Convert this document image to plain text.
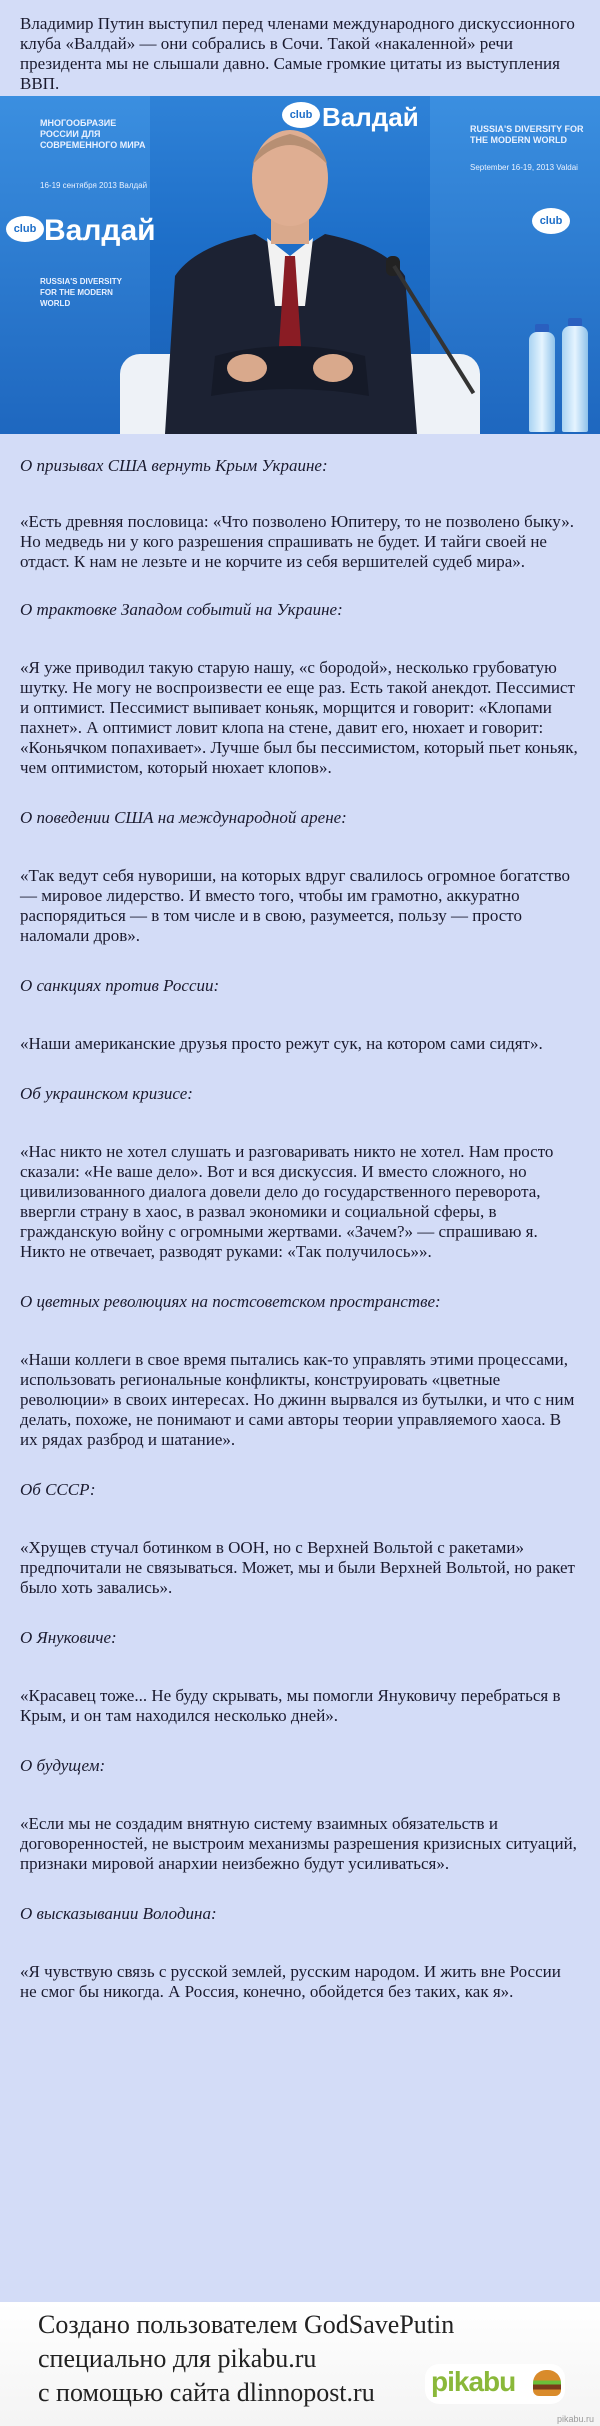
Владимир Путин выступил перед членами международного дискуссионного клуба «Валдай» — они собрались в Сочи. Такой «накаленной» речи президента мы не слышали давно. Самые громкие цитаты из выступления ВВП.
МНОГООБРАЗИЕ РОССИИ ДЛЯ СОВРЕМЕННОГО МИРА
RUSSIA'S DIVERSITY FOR THE MODERN WORLD
club Валдай
club Валдай
club
RUSSIA'S DIVERSITY FOR THE MODERN WORLD
16-19 сентября 2013 Валдай
September 16-19, 2013 Valdai

О призывах США вернуть Крым Украине:

«Есть древняя пословица: «Что позволено Юпитеру, то не позволено быку». Но медведь ни у кого разрешения спрашивать не будет. И тайги своей не отдаст. К нам не лезьте и не корчите из себя вершителей судеб мира».

О трактовке Западом событий на Украине:

«Я уже приводил такую старую нашу, «с бородой», несколько грубоватую шутку. Не могу не воспроизвести ее еще раз. Есть такой анекдот. Пессимист и оптимист. Пессимист выпивает коньяк, морщится и говорит: «Клопами пахнет». А оптимист ловит клопа на стене, давит его, нюхает и говорит: «Коньячком попахивает». Лучше был бы пессимистом, который пьет коньяк, чем оптимистом, который нюхает клопов».

О поведении США на международной арене:

«Так ведут себя нувориши, на которых вдруг свалилось огромное богатство — мировое лидерство. И вместо того, чтобы им грамотно, аккуратно распорядиться — в том числе и в свою, разумеется, пользу — просто наломали дров».

О санкциях против России:

«Наши американские друзья просто режут сук, на котором сами сидят».

Об украинском кризисе:

«Нас никто не хотел слушать и разговаривать никто не хотел. Нам просто сказали: «Не ваше дело». Вот и вся дискуссия. И вместо сложного, но цивилизованного диалога довели дело до государственного переворота, ввергли страну в хаос, в развал экономики и социальной сферы, в гражданскую войну с огромными жертвами. «Зачем?» — спрашиваю я. Никто не отвечает, разводят руками: «Так получилось»».

О цветных революциях на постсоветском пространстве:

«Наши коллеги в свое время пытались как-то управлять этими процессами, использовать региональные конфликты, конструировать «цветные революции» в своих интересах. Но джинн вырвался из бутылки, и что с ним делать, похоже, не понимают и сами авторы теории управляемого хаоса. В их рядах разброд и шатание».

Об СССР:

«Хрущев стучал ботинком в ООН, но с Верхней Вольтой с ракетами» предпочитали не связываться. Может, мы и были Верхней Вольтой, но ракет было хоть завались».

О Януковиче:

«Красавец тоже... Не буду скрывать, мы помогли Януковичу перебраться в Крым, и он там находился несколько дней».

О будущем:

«Если мы не создадим внятную систему взаимных обязательств и договоренностей, не выстроим механизмы разрешения кризисных ситуаций, признаки мировой анархии неизбежно будут усиливаться».

О высказывании Володина:

«Я чувствую связь с русской землей, русским народом. И жить вне России не смог бы никогда. А Россия, конечно, обойдется без таких, как я».

Создано пользователем GodSavePutin
специально для pikabu.ru
с помощью сайта dlinnopost.ru	pikabu
pikabu.ru
